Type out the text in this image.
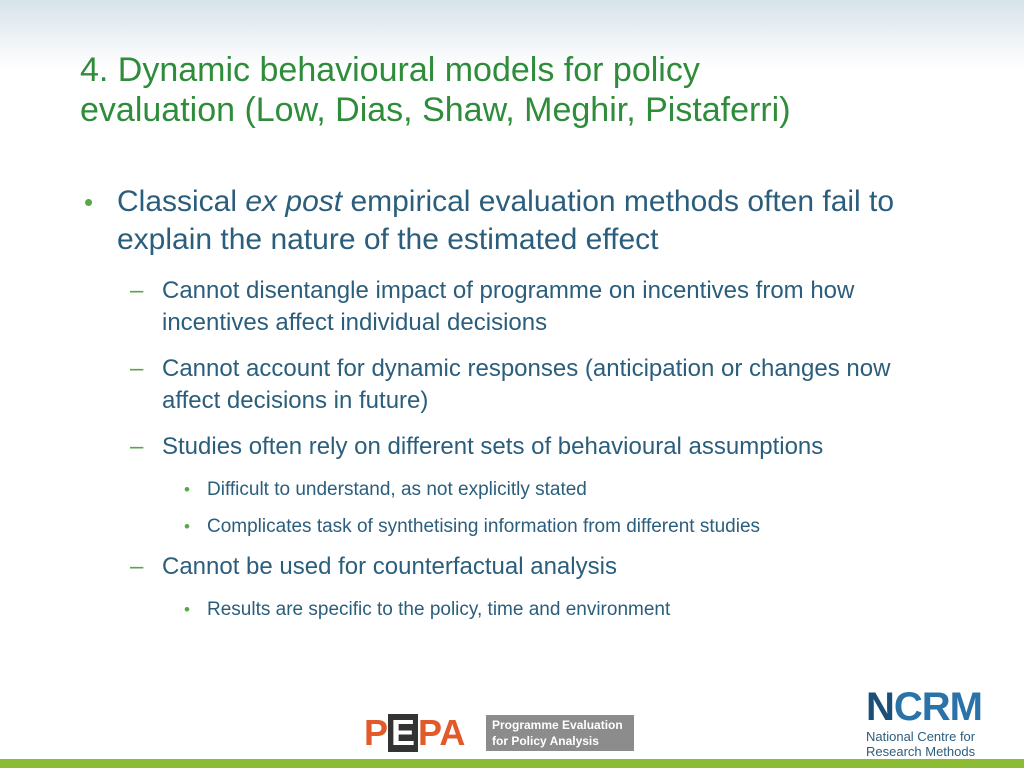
4. Dynamic behavioural models for policy
evaluation (Low, Dias, Shaw, Meghir, Pistaferri)
• Classical ex post empirical evaluation methods often fail to explain the nature of the estimated effect
– Cannot disentangle impact of programme on incentives from how incentives affect individual decisions
– Cannot account for dynamic responses (anticipation or changes now affect decisions in future)
– Studies often rely on different sets of behavioural assumptions
• Difficult to understand, as not explicitly stated
• Complicates task of synthetising information from different studies
– Cannot be used for counterfactual analysis
• Results are specific to the policy, time and environment
PEPA Programme Evaluation
for Policy Analysis
NCRM
National Centre for
Research Methods
